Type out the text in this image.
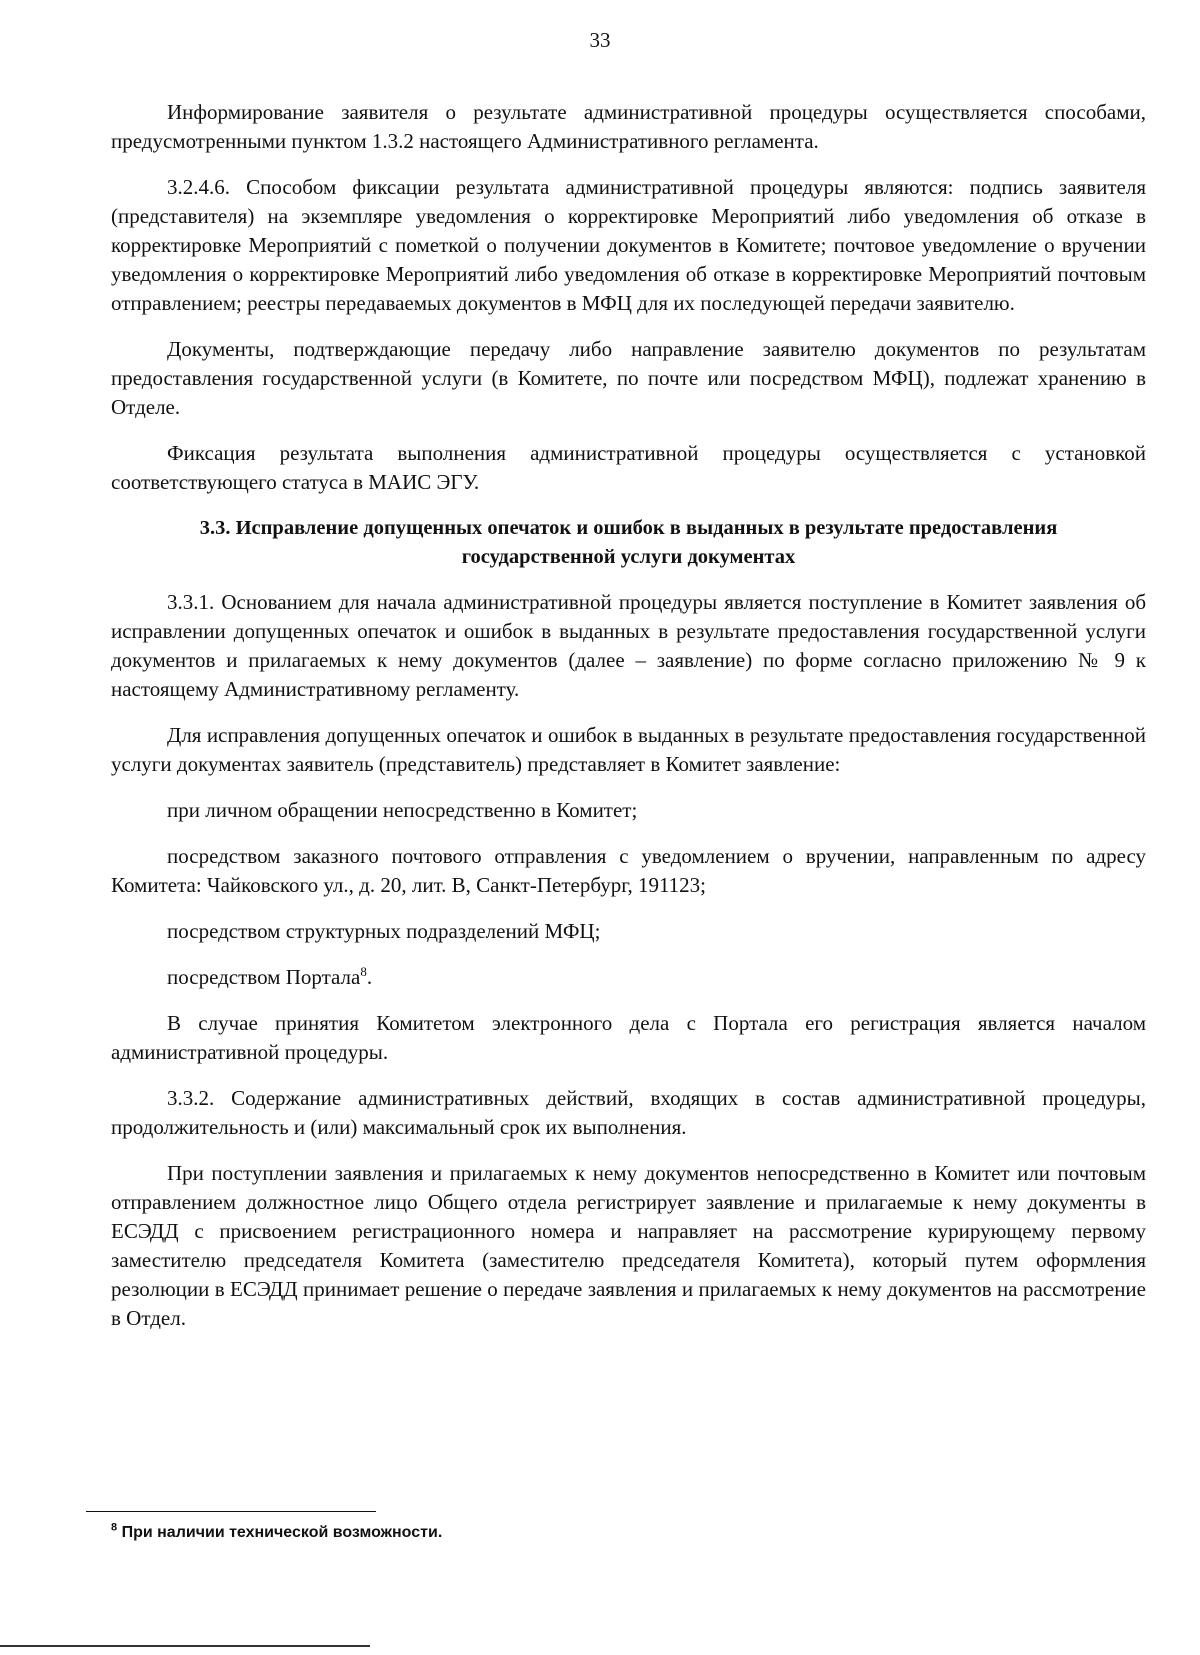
33

Информирование заявителя о результате административной процедуры осуществляется способами, предусмотренными пунктом 1.3.2 настоящего Административного регламента.

3.2.4.6. Способом фиксации результата административной процедуры являются: подпись заявителя (представителя) на экземпляре уведомления о корректировке Мероприятий либо уведомления об отказе в корректировке Мероприятий с пометкой о получении документов в Комитете; почтовое уведомление о вручении уведомления о корректировке Мероприятий либо уведомления об отказе в корректировке Мероприятий почтовым отправлением; реестры передаваемых документов в МФЦ для их последующей передачи заявителю.

Документы, подтверждающие передачу либо направление заявителю документов по результатам предоставления государственной услуги (в Комитете, по почте или посредством МФЦ), подлежат хранению в Отделе.

Фиксация результата выполнения административной процедуры осуществляется с установкой соответствующего статуса в МАИС ЭГУ.

3.3. Исправление допущенных опечаток и ошибок в выданных в результате предоставления государственной услуги документах

3.3.1. Основанием для начала административной процедуры является поступление в Комитет заявления об исправлении допущенных опечаток и ошибок в выданных в результате предоставления государственной услуги документов и прилагаемых к нему документов (далее – заявление) по форме согласно приложению № 9 к настоящему Административному регламенту.

Для исправления допущенных опечаток и ошибок в выданных в результате предоставления государственной услуги документах заявитель (представитель) представляет в Комитет заявление:

при личном обращении непосредственно в Комитет;

посредством заказного почтового отправления с уведомлением о вручении, направленным по адресу Комитета: Чайковского ул., д. 20, лит. В, Санкт-Петербург, 191123;

посредством структурных подразделений МФЦ;

посредством Портала$^8$.

В случае принятия Комитетом электронного дела с Портала его регистрация является началом административной процедуры.

3.3.2. Содержание административных действий, входящих в состав административной процедуры, продолжительность и (или) максимальный срок их выполнения.

При поступлении заявления и прилагаемых к нему документов непосредственно в Комитет или почтовым отправлением должностное лицо Общего отдела регистрирует заявление и прилагаемые к нему документы в ЕСЭДД с присвоением регистрационного номера и направляет на рассмотрение курирующему первому заместителю председателя Комитета (заместителю председателя Комитета), который путем оформления резолюции в ЕСЭДД принимает решение о передаче заявления и прилагаемых к нему документов на рассмотрение в Отдел.

$^8$ При наличии технической возможности.
